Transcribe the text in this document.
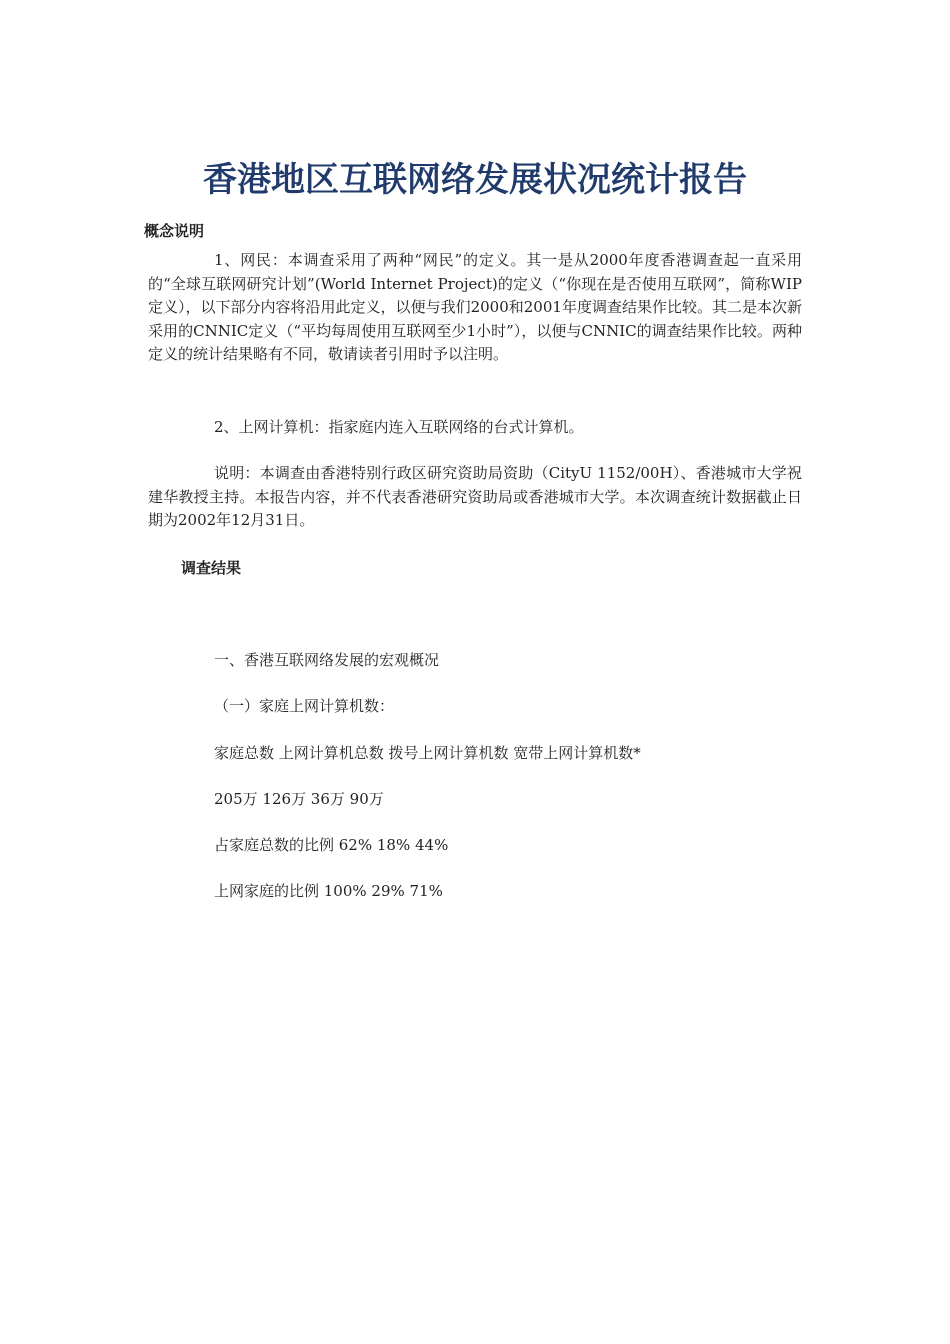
香港地区互联网络发展状况统计报告
概念说明

1、网民：本调查采用了两种“网民”的定义。其一是从2000年度香港调查起一直采用的“全球互联网研究计划”(World Internet Project)的定义（“你现在是否使用互联网”，简称WIP定义），以下部分内容将沿用此定义，以便与我们2000和2001年度调查结果作比较。其二是本次新采用的CNNIC定义（“平均每周使用互联网至少1小时”），以便与CNNIC的调查结果作比较。两种定义的统计结果略有不同，敬请读者引用时予以注明。

2、上网计算机：指家庭内连入互联网络的台式计算机。

说明：本调查由香港特别行政区研究资助局资助（CityU 1152/00H）、香港城市大学祝建华教授主持。本报告内容，并不代表香港研究资助局或香港城市大学。本次调查统计数据截止日期为2002年12月31日。

调查结果

一、香港互联网络发展的宏观概况

（一）家庭上网计算机数：

家庭总数 上网计算机总数 拨号上网计算机数 宽带上网计算机数*

205万 126万 36万 90万

占家庭总数的比例 62% 18% 44%

上网家庭的比例 100% 29% 71%
